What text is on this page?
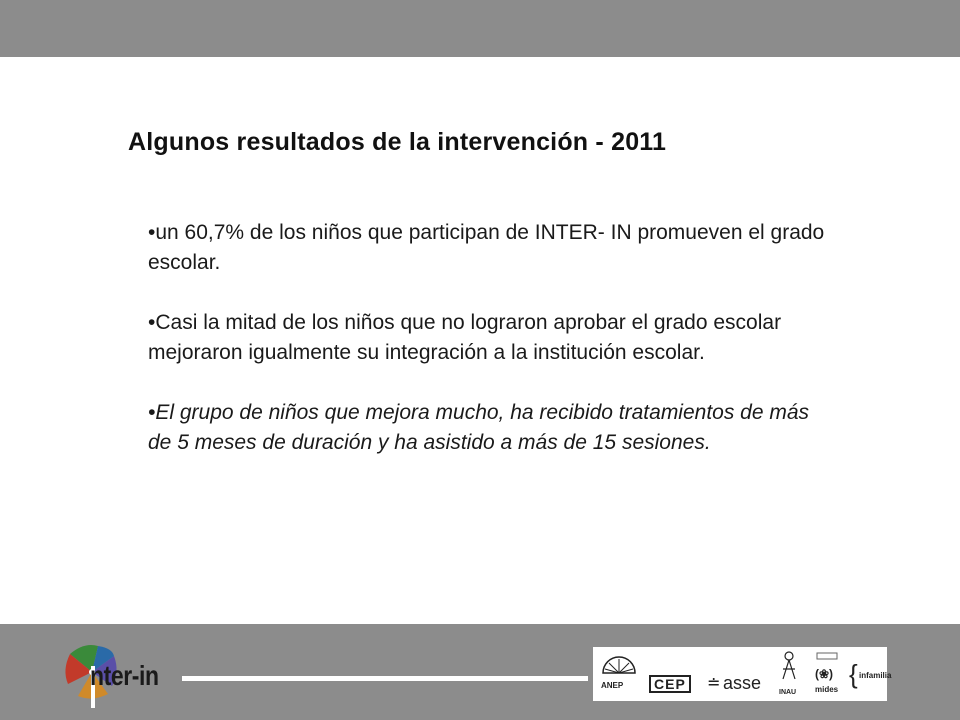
Algunos resultados de la intervención - 2011
•un 60,7% de los niños que participan de INTER- IN promueven el grado escolar.
•Casi la mitad de los niños que no lograron aprobar el grado escolar mejoraron igualmente su integración a la institución escolar.
•El grupo de niños que mejora mucho, ha recibido tratamientos de más de 5 meses de duración y ha asistido a más de 15 sesiones.
nter-in	ANEP	CEP	≐ asse	INAU
(❀)
mides
{ infamilia
